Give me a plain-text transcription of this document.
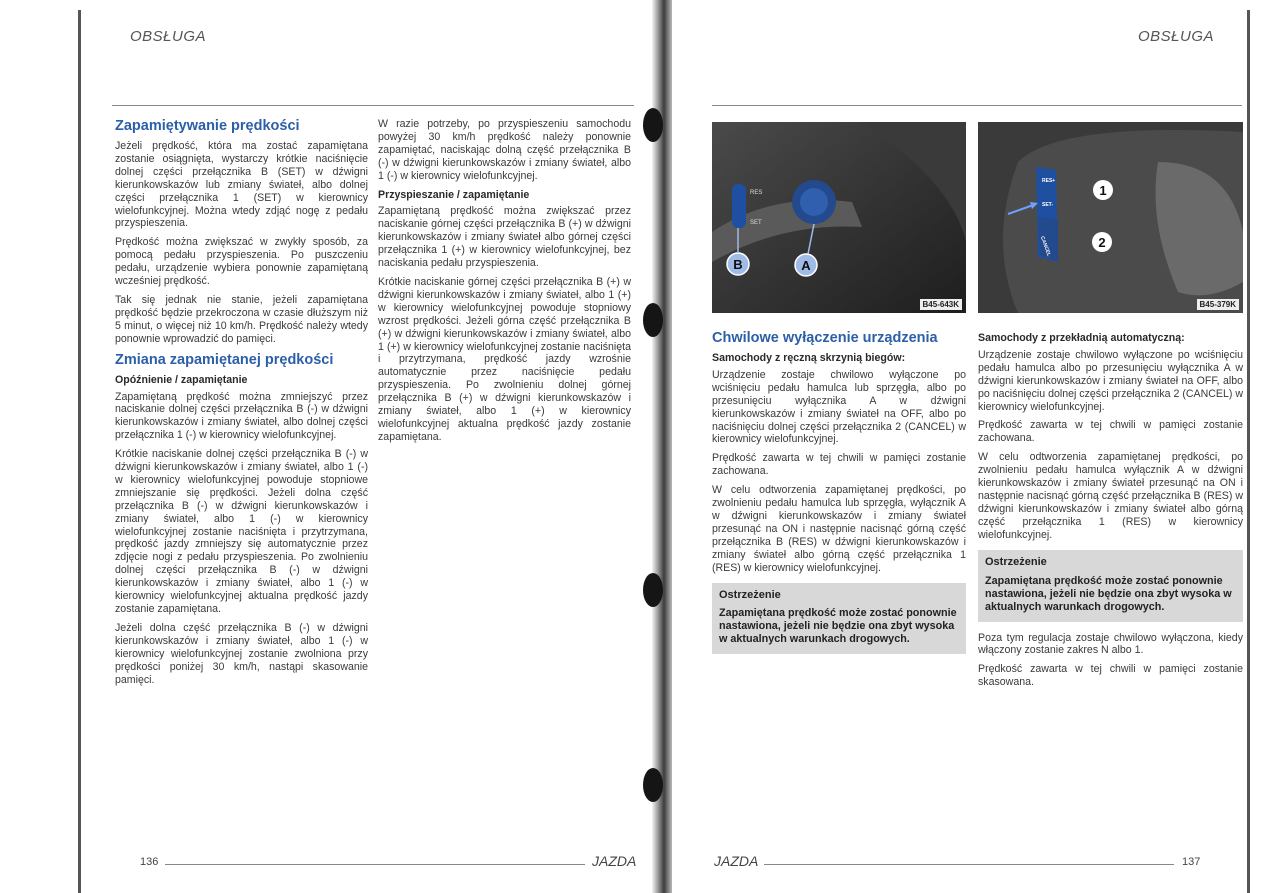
OBSŁUGA
Zapamiętywanie prędkości

Jeżeli prędkość, która ma zostać zapamiętana zostanie osiągnięta, wystarczy krótkie naciśnięcie dolnej części przełącznika B (SET) w dźwigni kierunkowskazów lub zmiany świateł, albo dolnej części przełącznika 1 (SET) w kierownicy wielofunkcyjnej. Można wtedy zdjąć nogę z pedału przyspieszenia.

Prędkość można zwiększać w zwykły sposób, za pomocą pedału przyspieszenia. Po puszczeniu pedału, urządzenie wybiera ponownie zapamiętaną wcześniej prędkość.

Tak się jednak nie stanie, jeżeli zapamiętana prędkość będzie przekroczona w czasie dłuższym niż 5 minut, o więcej niż 10 km/h. Prędkość należy wtedy ponownie wprowadzić do pamięci.

Zmiana zapamiętanej prędkości
Opóźnienie / zapamiętanie

Zapamiętaną prędkość można zmniejszyć przez naciskanie dolnej części przełącznika B (-) w dźwigni kierunkowskazów i zmiany świateł, albo dolnej części przełącznika 1 (-) w kierownicy wielofunkcyjnej.

Krótkie naciskanie dolnej części przełącznika B (-) w dźwigni kierunkowskazów i zmiany świateł, albo 1 (-) w kierownicy wielofunkcyjnej powoduje stopniowe zmniejszanie się prędkości. Jeżeli dolna część przełącznika B (-) w dźwigni kierunkowskazów i zmiany świateł, albo 1 (-) w kierownicy wielofunkcyjnej zostanie naciśnięta i przytrzymana, prędkość jazdy zmniejszy się automatycznie przez zdjęcie nogi z pedału przyspieszenia. Po zwolnieniu dolnej części przełącznika B (-) w dźwigni kierunkowskazów i zmiany świateł, albo 1 (-) w kierownicy wielofunkcyjnej aktualna prędkość jazdy zostanie zapamiętana.

Jeżeli dolna część przełącznika B (-) w dźwigni kierunkowskazów i zmiany świateł, albo 1 (-) w kierownicy wielofunkcyjnej zostanie zwolniona przy prędkości poniżej 30 km/h, nastąpi skasowanie pamięci.

W razie potrzeby, po przyspieszeniu samochodu powyżej 30 km/h prędkość należy ponownie zapamiętać, naciskając dolną część przełącznika B (-) w dźwigni kierunkowskazów i zmiany świateł, albo 1 (-) w kierownicy wielofunkcyjnej.

Przyspieszanie / zapamiętanie

Zapamiętaną prędkość można zwiększać przez naciskanie górnej części przełącznika B (+) w dźwigni kierunkowskazów i zmiany świateł albo górnej części przełącznika 1 (+) w kierownicy wielofunkcyjnej, bez naciskania pedału przyspieszenia.

Krótkie naciskanie górnej części przełącznika B (+) w dźwigni kierunkowskazów i zmiany świateł, albo 1 (+) w kierownicy wielofunkcyjnej powoduje stopniowy wzrost prędkości. Jeżeli górna część przełącznika B (+) w dźwigni kierunkowskazów i zmiany świateł, albo 1 (+) w kierownicy wielofunkcyjnej zostanie naciśnięta i przytrzymana, prędkość jazdy wzrośnie automatycznie przez naciśnięcie pedału przyspieszenia. Po zwolnieniu dolnej górnej przełącznika B (+) w dźwigni kierunkowskazów i zmiany świateł, albo 1 (+) w kierownicy wielofunkcyjnej aktualna prędkość jazdy zostanie zapamiętana.

136	JAZDA
OBSŁUGA
RES
SET
B	A
B45-643K
RES+
SET-
CANCEL
1
2
B45-379K
Chwilowe wyłączenie urządzenia
Samochody z ręczną skrzynią biegów:

Urządzenie zostaje chwilowo wyłączone po wciśnięciu pedału hamulca lub sprzęgła, albo po przesunięciu wyłącznika A w dźwigni kierunkowskazów i zmiany świateł na OFF, albo po naciśnięciu dolnej części przełącznika 2 (CANCEL) w kierownicy wielofunkcyjnej.

Prędkość zawarta w tej chwili w pamięci zostanie zachowana.

W celu odtworzenia zapamiętanej prędkości, po zwolnieniu pedału hamulca lub sprzęgła, wyłącznik A w dźwigni kierunkowskazów i zmiany świateł przesunąć na ON i następnie nacisnąć górną część przełącznika B (RES) w dźwigni kierunkowskazów i zmiany świateł albo górną część przełącznika 1 (RES) w kierownicy wielofunkcyjnej.

Ostrzeżenie
Zapamiętana prędkość może zostać ponownie nastawiona, jeżeli nie będzie ona zbyt wysoka w aktualnych warunkach drogowych.
Samochody z przekładnią automatyczną:

Urządzenie zostaje chwilowo wyłączone po wciśnięciu pedału hamulca albo po przesunięciu wyłącznika A w dźwigni kierunkowskazów i zmiany świateł na OFF, albo po naciśnięciu dolnej części przełącznika 2 (CANCEL) w kierownicy wielofunkcyjnej.

Prędkość zawarta w tej chwili w pamięci zostanie zachowana.

W celu odtworzenia zapamiętanej prędkości, po zwolnieniu pedału hamulca wyłącznik A w dźwigni kierunkowskazów i zmiany świateł przesunąć na ON i następnie nacisnąć górną część przełącznika B (RES) w dźwigni kierunkowskazów i zmiany świateł albo górną część przełącznika 1 (RES) w kierownicy wielofunkcyjnej.

Ostrzeżenie
Zapamiętana prędkość może zostać ponownie nastawiona, jeżeli nie będzie ona zbyt wysoka w aktualnych warunkach drogowych.

Poza tym regulacja zostaje chwilowo wyłączona, kiedy włączony zostanie zakres N albo 1.

Prędkość zawarta w tej chwili w pamięci zostanie skasowana.

JAZDA	137
